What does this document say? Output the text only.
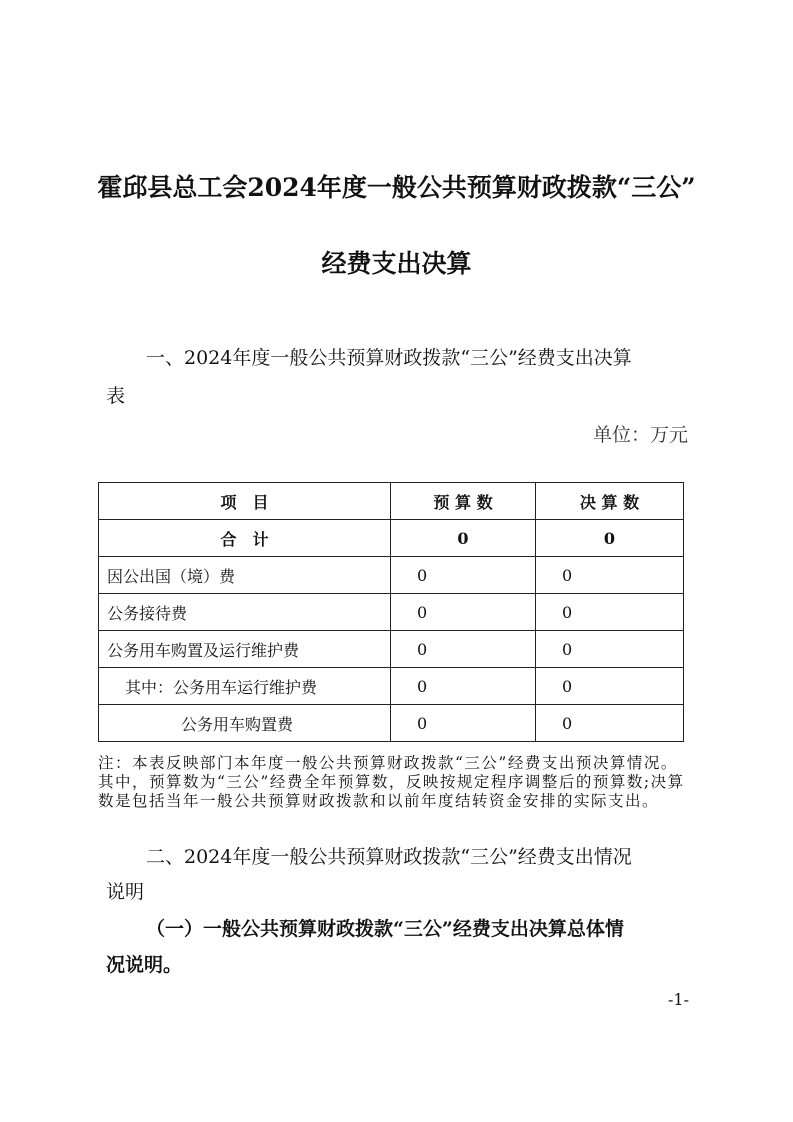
霍邱县总工会2024年度一般公共预算财政拨款“三公”
经费支出决算
一、2024年度一般公共预算财政拨款“三公”经费支出决算
表
单位：万元
项　目	预 算 数	决 算 数
合　计	0	0
因公出国（境）费	0	0
公务接待费	0	0
公务用车购置及运行维护费	0	0
其中：公务用车运行维护费	0	0
公务用车购置费	0	0
注：本表反映部门本年度一般公共预算财政拨款“三公”经费支出预决算情况。其中，预算数为“三公”经费全年预算数，反映按规定程序调整后的预算数;决算数是包括当年一般公共预算财政拨款和以前年度结转资金安排的实际支出。
二、2024年度一般公共预算财政拨款“三公”经费支出情况
说明
（一）一般公共预算财政拨款“三公”经费支出决算总体情
况说明。
-1-
